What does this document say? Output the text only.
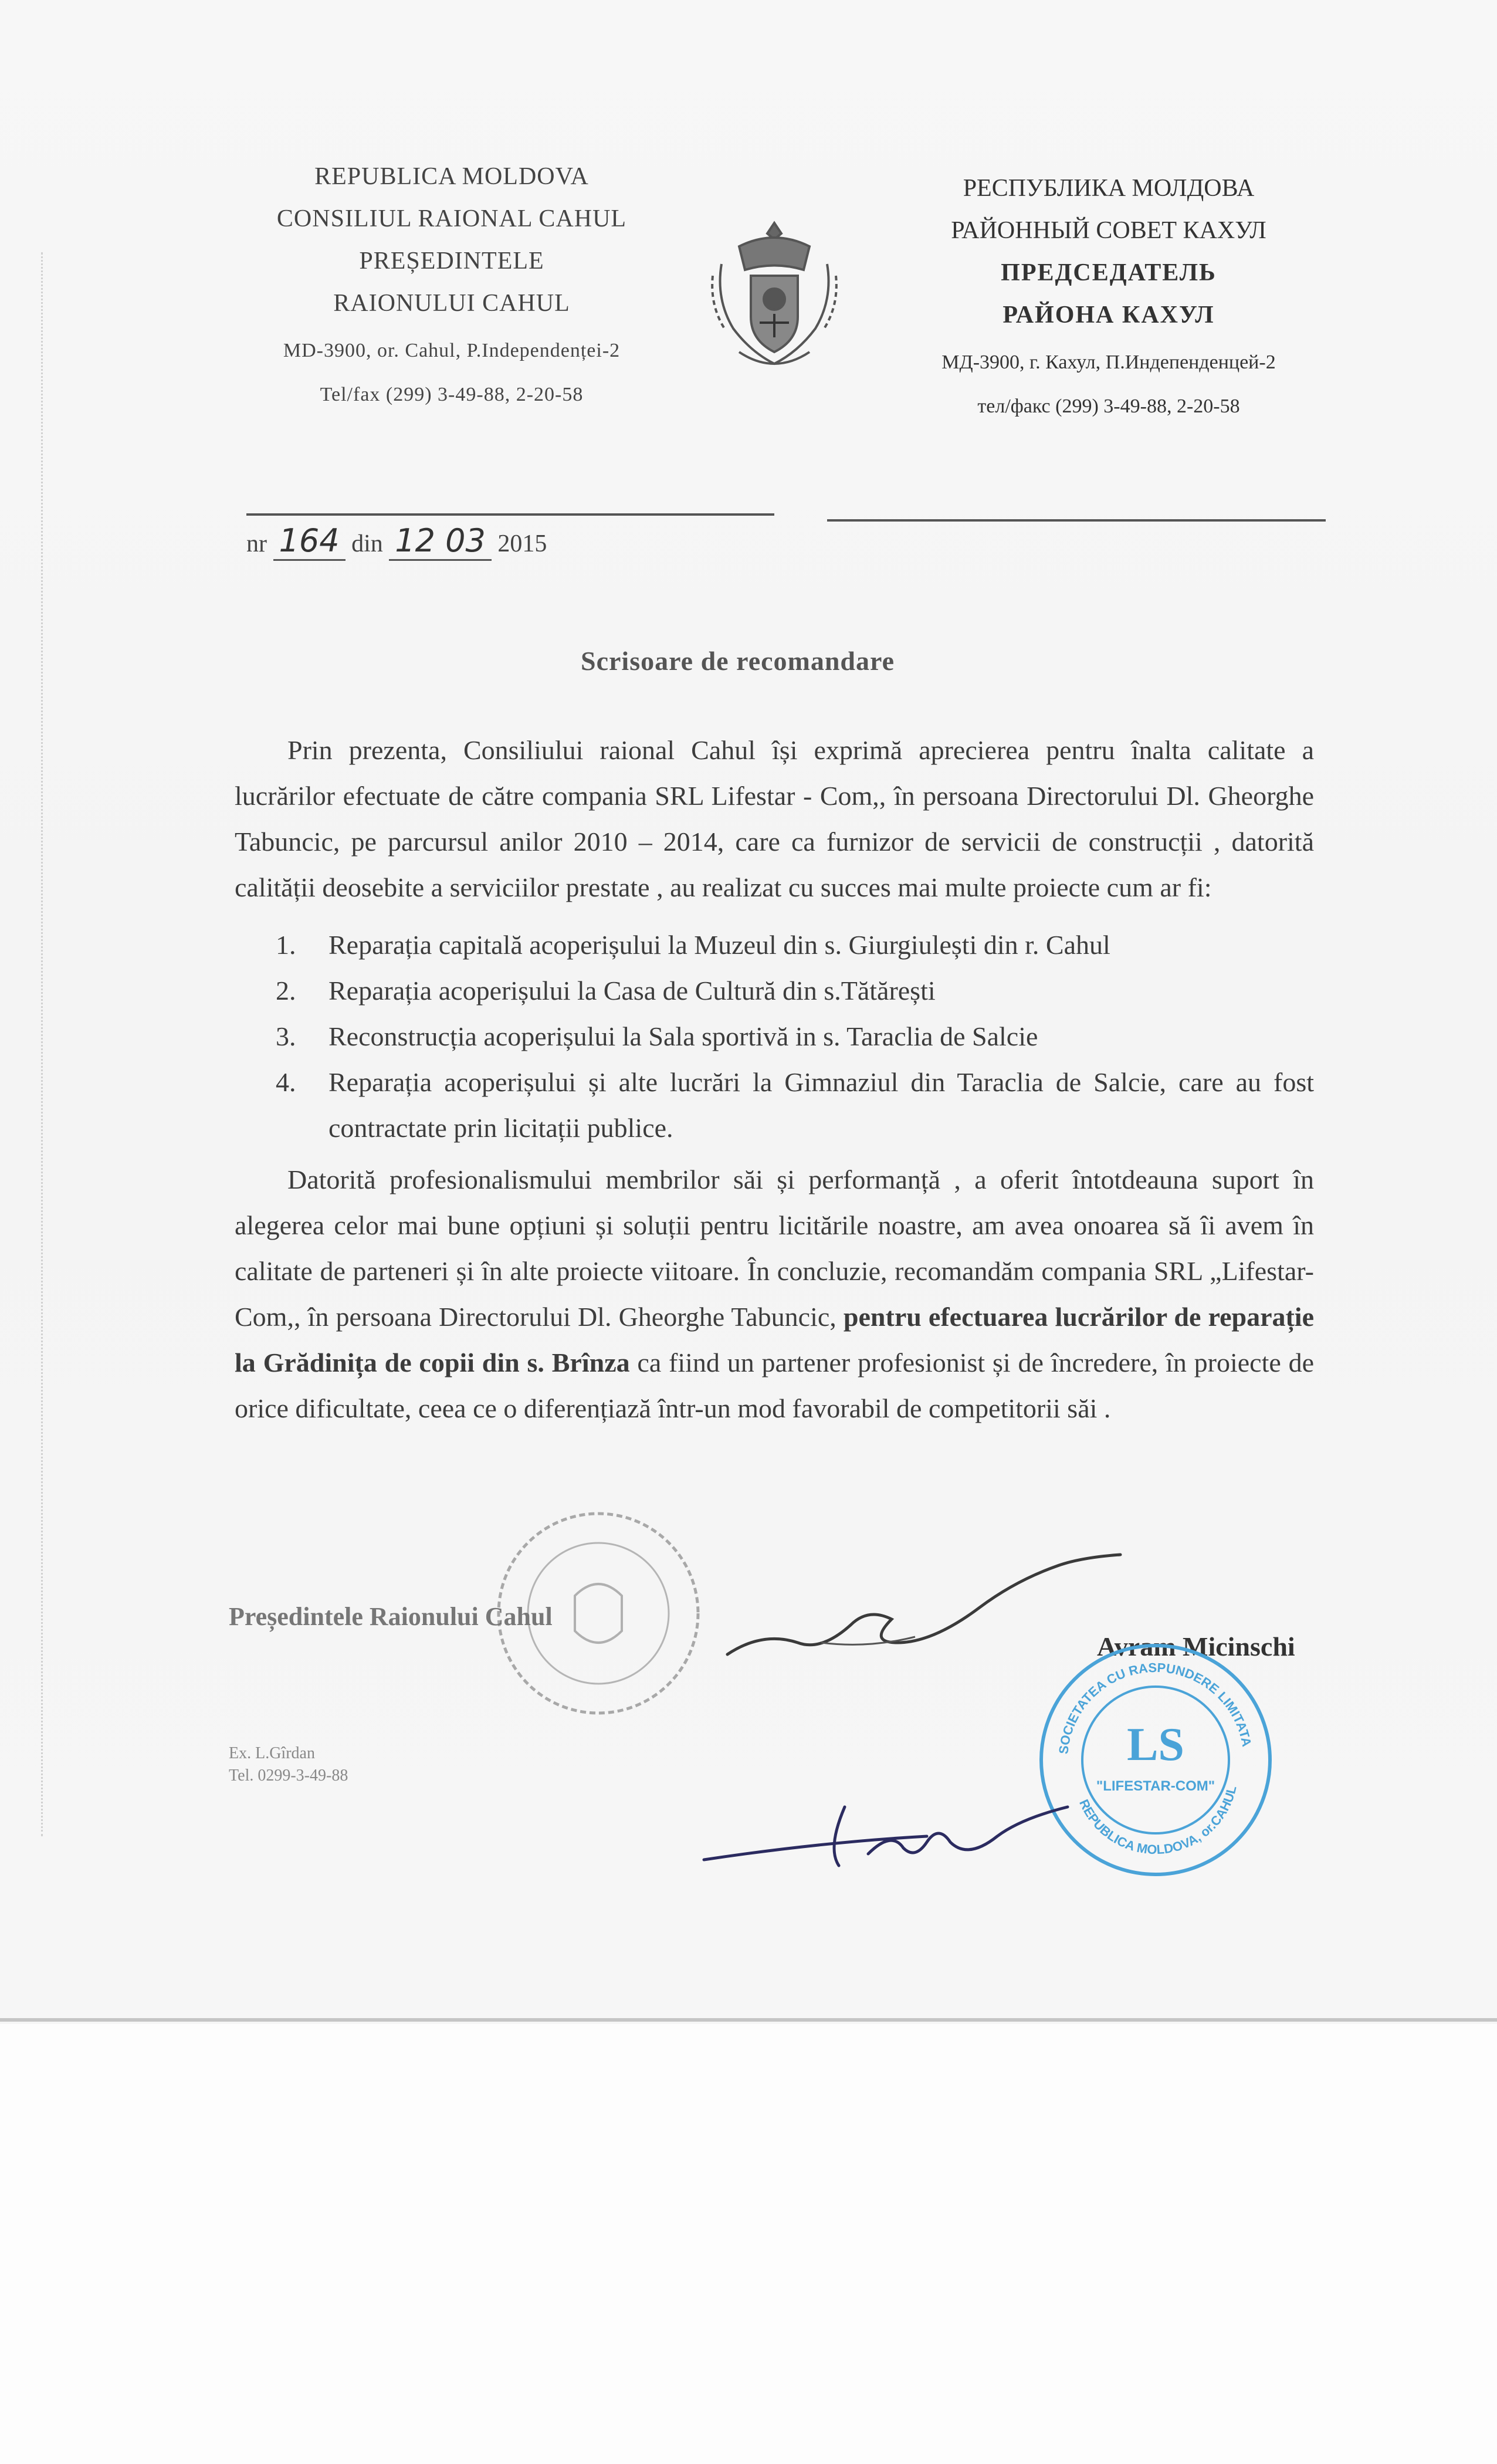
REPUBLICA MOLDOVA
CONSILIUL RAIONAL CAHUL
PREȘEDINTELE
RAIONULUI CAHUL
MD-3900, or. Cahul, P.Independenței-2
Tel/fax (299) 3-49-88, 2-20-58
РЕСПУБЛИКА МОЛДОВА
РАЙОННЫЙ СОВЕТ КАХУЛ
ПРЕДСЕДАТЕЛЬ
РАЙОНА КАХУЛ
МД-3900, г. Кахул, П.Индепенденцей-2
тел/факс (299) 3-49-88, 2-20-58
nr 164 din 12 03 2015
Scrisoare de recomandare

Prin prezenta, Consiliului raional Cahul își exprimă aprecierea pentru înalta calitate a lucrărilor efectuate de către compania SRL Lifestar - Com,, în persoana Directorului Dl. Gheorghe Tabuncic, pe parcursul anilor 2010 – 2014, care ca furnizor de servicii de construcții , datorită calității deosebite a serviciilor prestate , au realizat cu succes mai multe proiecte cum ar fi:

1.	Reparația capitală acoperișului la Muzeul din s. Giurgiulești din r. Cahul
2.	Reparația acoperișului la Casa de Cultură din s.Tătărești
3.	Reconstrucția acoperișului la Sala sportivă in s. Taraclia de Salcie
4.	Reparația acoperișului și alte lucrări la Gimnaziul din Taraclia de Salcie, care au fost contractate prin licitații publice.

Datorită profesionalismului membrilor săi și performanță , a oferit întotdeauna suport în alegerea celor mai bune opțiuni și soluții pentru licitările noastre, am avea onoarea să îi avem în calitate de parteneri și în alte proiecte viitoare. În concluzie, recomandăm compania SRL „Lifestar- Com,, în persoana Directorului Dl. Gheorghe Tabuncic, pentru efectuarea lucrărilor de reparație la Grădinița de copii din s. Brînza ca fiind un partener profesionist și de încredere, în proiecte de orice dificultate, ceea ce o diferențiază într-un mod favorabil de competitorii săi .

Președintele Raionului Cahul
Avram Micinschi
SOCIETATEA CU RASPUNDERE LIMITATA
REPUBLICA MOLDOVA, or.CAHUL
LS
"LIFESTAR-COM"
Ex. L.Gîrdan
Tel. 0299-3-49-88
